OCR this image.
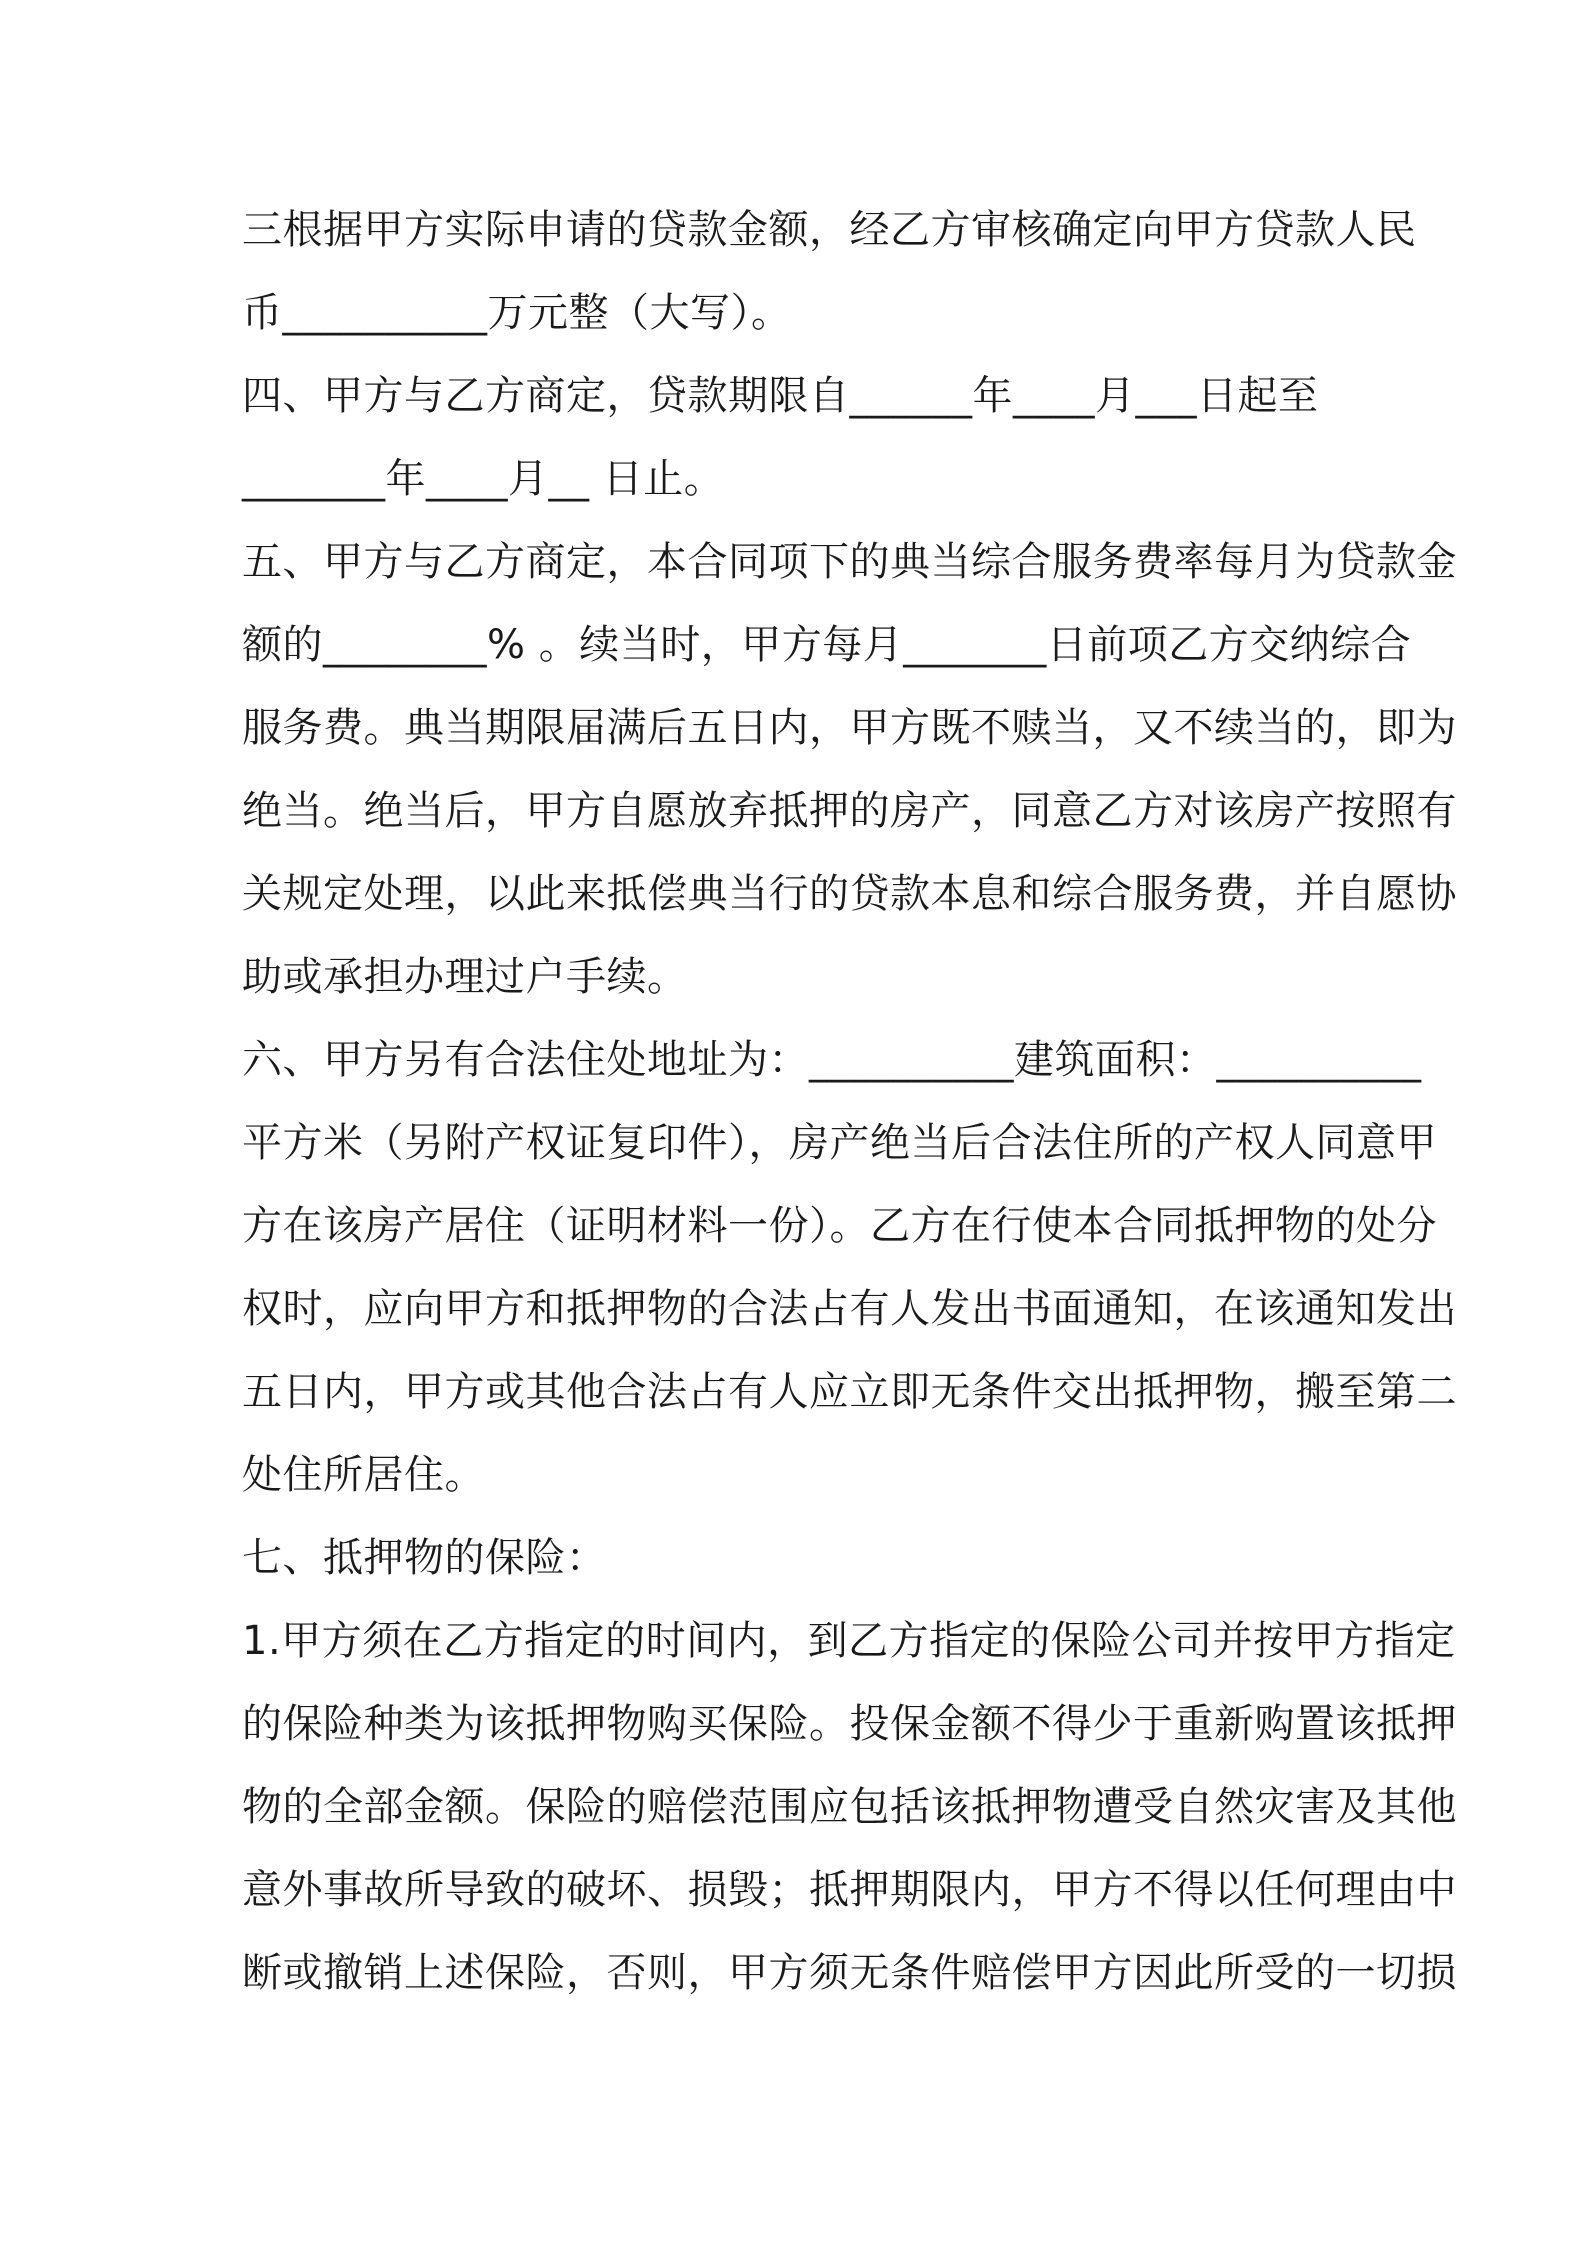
三根据甲方实际申请的贷款金额，经乙方审核确定向甲方贷款人民
币__________万元整（大写）。
四、甲方与乙方商定，贷款期限自______年____月___日起至
_______年____月__ 日止。
五、甲方与乙方商定，本合同项下的典当综合服务费率每月为贷款金
额的________% 。续当时，甲方每月_______日前项乙方交纳综合
服务费。典当期限届满后五日内，甲方既不赎当，又不续当的，即为
绝当。绝当后，甲方自愿放弃抵押的房产，同意乙方对该房产按照有
关规定处理，以此来抵偿典当行的贷款本息和综合服务费，并自愿协
助或承担办理过户手续。
六、甲方另有合法住处地址为：__________建筑面积：__________
平方米（另附产权证复印件），房产绝当后合法住所的产权人同意甲
方在该房产居住（证明材料一份）。乙方在行使本合同抵押物的处分
权时，应向甲方和抵押物的合法占有人发出书面通知，在该通知发出
五日内，甲方或其他合法占有人应立即无条件交出抵押物，搬至第二
处住所居住。
七、抵押物的保险：
1.甲方须在乙方指定的时间内，到乙方指定的保险公司并按甲方指定
的保险种类为该抵押物购买保险。投保金额不得少于重新购置该抵押
物的全部金额。保险的赔偿范围应包括该抵押物遭受自然灾害及其他
意外事故所导致的破坏、损毁；抵押期限内，甲方不得以任何理由中
断或撤销上述保险，否则，甲方须无条件赔偿甲方因此所受的一切损
